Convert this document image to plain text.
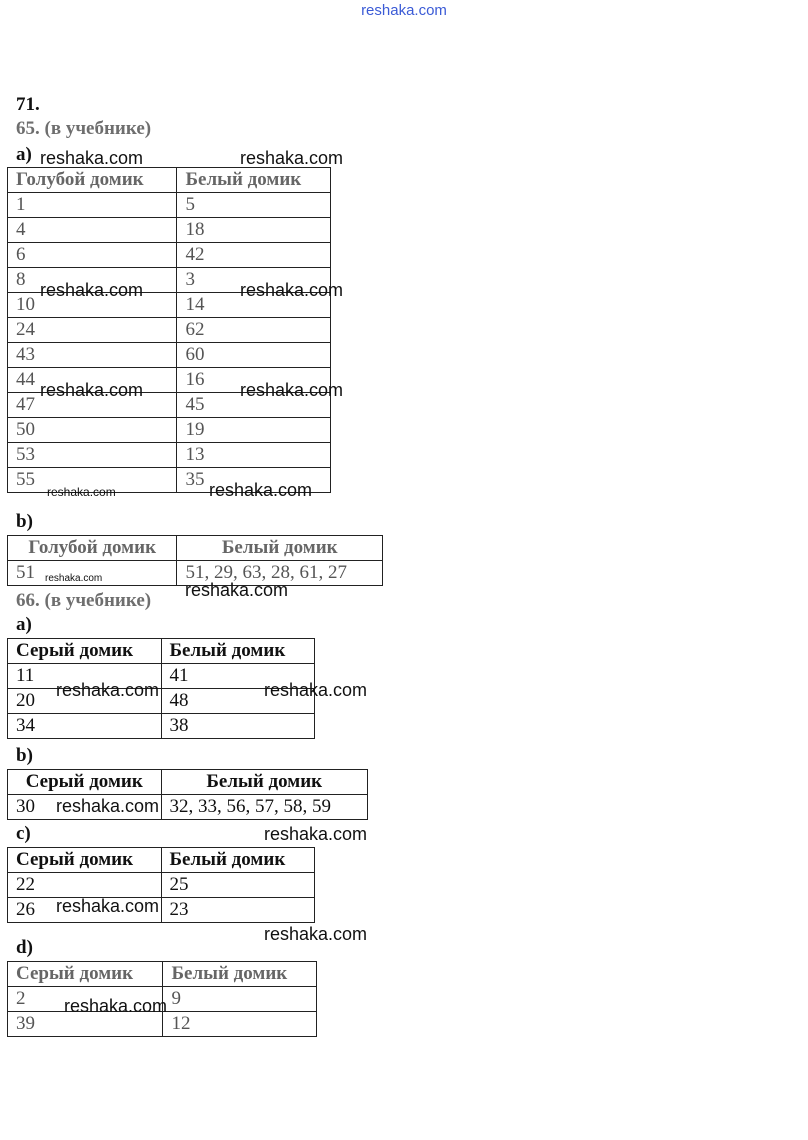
reshaka.com
71.
65. (в учебнике)
a)
Голубой домик	Белый домик
1	5
4	18
6	42
8	3
10	14
24	62
43	60
44	16
47	45
50	19
53	13
55	35
b)
Голубой домик	Белый домик
51	51, 29, 63, 28, 61, 27
66. (в учебнике)
a)
Серый домик	Белый домик
11	41
20	48
34	38
b)
Серый домик	Белый домик
30	32, 33, 56, 57, 58, 59
c)
Серый домик	Белый домик
22	25
26	23
d)
Серый домик	Белый домик
2	9
39	12
reshaka.com	reshaka.com
reshaka.com	reshaka.com
reshaka.com	reshaka.com
reshaka.com	reshaka.com
reshaka.com
reshaka.com
reshaka.com	reshaka.com
reshaka.com
reshaka.com
reshaka.com
reshaka.com
reshaka.com
